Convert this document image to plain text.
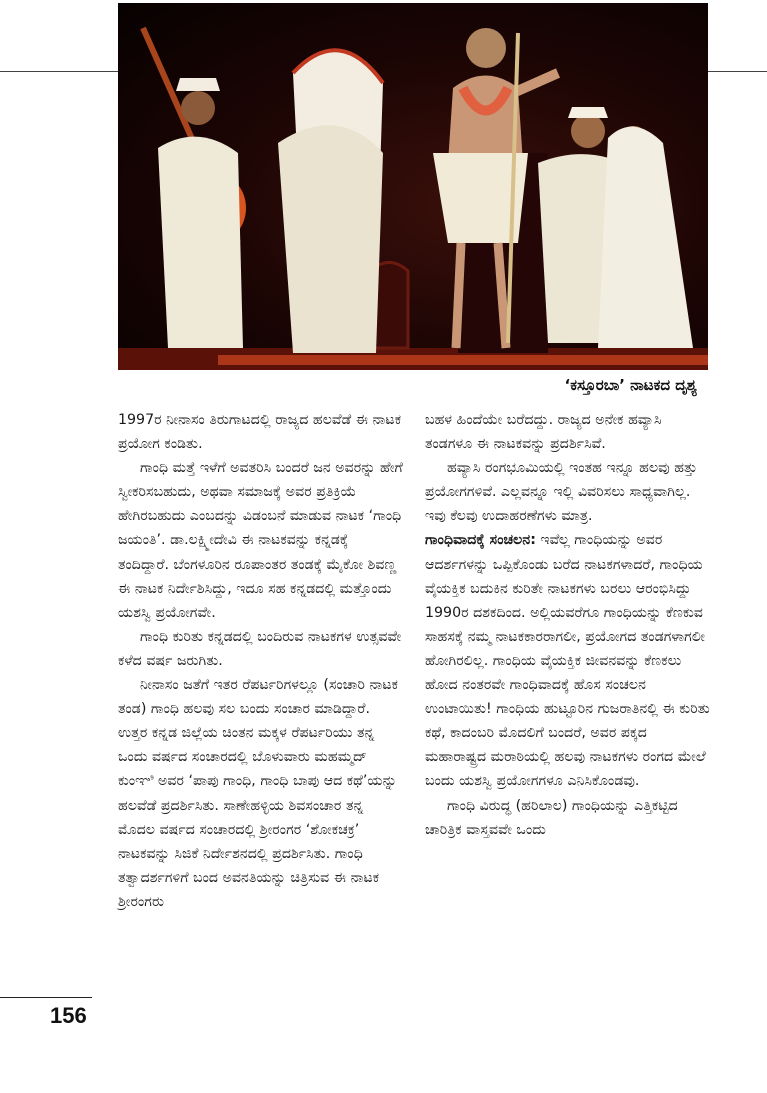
‘ಕಸ್ತೂರಬಾ’ ನಾಟಕದ ದೃಶ್ಯ

1997ರ ನೀನಾಸಂ ತಿರುಗಾಟದಲ್ಲಿ ರಾಜ್ಯದ ಹಲವೆಡೆ ಈ ನಾಟಕ ಪ್ರಯೋಗ ಕಂಡಿತು.

ಗಾಂಧಿ ಮತ್ತೆ ಇಳೆಗೆ ಅವತರಿಸಿ ಬಂದರೆ ಜನ ಅವರನ್ನು ಹೇಗೆ ಸ್ವೀಕರಿಸಬಹುದು, ಅಥವಾ ಸಮಾಜಕ್ಕೆ ಅವರ ಪ್ರತಿಕ್ರಿಯೆ ಹೇಗಿರಬಹುದು ಎಂಬದನ್ನು ವಿಡಂಬನೆ ಮಾಡುವ ನಾಟಕ ‘ಗಾಂಧಿ ಜಯಂತಿ’. ಡಾ.ಲಕ್ಷ್ಮೀದೇವಿ ಈ ನಾಟಕವನ್ನು ಕನ್ನಡಕ್ಕೆ ತಂದಿದ್ದಾರೆ. ಬೆಂಗಳೂರಿನ ರೂಪಾಂತರ ತಂಡಕ್ಕೆ ಮೈಕೋ ಶಿವಣ್ಣ ಈ ನಾಟಕ ನಿರ್ದೇಶಿಸಿದ್ದು, ಇದೂ ಸಹ ಕನ್ನಡದಲ್ಲಿ ಮತ್ತೊಂದು ಯಶಸ್ವಿ ಪ್ರಯೋಗವೇ.

ಗಾಂಧಿ ಕುರಿತು ಕನ್ನಡದಲ್ಲಿ ಬಂದಿರುವ ನಾಟಕಗಳ ಉತ್ಸವವೇ ಕಳೆದ ವರ್ಷ ಜರುಗಿತು.

ನೀನಾಸಂ ಜತೆಗೆ ಇತರ ರೆಪರ್ಟರಿಗಳಲ್ಲೂ (ಸಂಚಾರಿ ನಾಟಕ ತಂಡ) ಗಾಂಧಿ ಹಲವು ಸಲ ಬಂದು ಸಂಚಾರ ಮಾಡಿದ್ದಾರೆ. ಉತ್ತರ ಕನ್ನಡ ಜಿಲ್ಲೆಯ ಚಿಂತನ ಮಕ್ಕಳ ರೆಪರ್ಟರಿಯು ತನ್ನ ಒಂದು ವರ್ಷದ ಸಂಚಾರದಲ್ಲಿ ಬೊಳುವಾರು ಮಹಮ್ಮದ್ ಕುಂಞಿ ಅವರ ‘ಪಾಪು ಗಾಂಧಿ, ಗಾಂಧಿ ಬಾಪು ಆದ ಕಥೆ’ಯನ್ನು ಹಲವೆಡೆ ಪ್ರದರ್ಶಿಸಿತು. ಸಾಣೇಹಳ್ಳಿಯ ಶಿವಸಂಚಾರ ತನ್ನ ಮೊದಲ ವರ್ಷದ ಸಂಚಾರದಲ್ಲಿ ಶ್ರೀರಂಗರ ‘ಶೋಕಚಕ್ರ’ ನಾಟಕವನ್ನು ಸಿಜಿಕೆ ನಿರ್ದೇಶನದಲ್ಲಿ ಪ್ರದರ್ಶಿಸಿತು. ಗಾಂಧಿ ತತ್ವಾದರ್ಶಗಳಿಗೆ ಬಂದ ಅವನತಿಯನ್ನು ಚಿತ್ರಿಸುವ ಈ ನಾಟಕ ಶ್ರೀರಂಗರು

ಬಹಳ ಹಿಂದೆಯೇ ಬರೆದದ್ದು. ರಾಜ್ಯದ ಅನೇಕ ಹವ್ಯಾಸಿ ತಂಡಗಳೂ ಈ ನಾಟಕವನ್ನು ಪ್ರದರ್ಶಿಸಿವೆ.

ಹವ್ಯಾಸಿ ರಂಗಭೂಮಿಯಲ್ಲಿ ಇಂತಹ ಇನ್ನೂ ಹಲವು ಹತ್ತು ಪ್ರಯೋಗಗಳಿವೆ. ಎಲ್ಲವನ್ನೂ ಇಲ್ಲಿ ವಿವರಿಸಲು ಸಾಧ್ಯವಾಗಿಲ್ಲ. ಇವು ಕೆಲವು ಉದಾಹರಣೆಗಳು ಮಾತ್ರ.

ಗಾಂಧಿವಾದಕ್ಕೆ ಸಂಚಲನ: ಇವೆಲ್ಲ ಗಾಂಧಿಯನ್ನು ಅವರ ಆದರ್ಶಗಳನ್ನು ಒಪ್ಪಿಕೊಂಡು ಬರೆದ ನಾಟಕಗಳಾದರೆ, ಗಾಂಧಿಯ ವೈಯಕ್ತಿಕ ಬದುಕಿನ ಕುರಿತೇ ನಾಟಕಗಳು ಬರಲು ಆರಂಭಿಸಿದ್ದು 1990ರ ದಶಕದಿಂದ. ಅಲ್ಲಿಯವರೆಗೂ ಗಾಂಧಿಯನ್ನು ಕೆಣಕುವ ಸಾಹಸಕ್ಕೆ ನಮ್ಮ ನಾಟಕಕಾರರಾಗಲೀ, ಪ್ರಯೋಗದ ತಂಡಗಳಾಗಲೀ ಹೋಗಿರಲಿಲ್ಲ. ಗಾಂಧಿಯ ವೈಯಕ್ತಿಕ ಜೀವನವನ್ನು ಕೆಣಕಲು ಹೋದ ನಂತರವೇ ಗಾಂಧಿವಾದಕ್ಕೆ ಹೊಸ ಸಂಚಲನ ಉಂಟಾಯಿತು! ಗಾಂಧಿಯ ಹುಟ್ಟೂರಿನ ಗುಜರಾತಿನಲ್ಲಿ ಈ ಕುರಿತು ಕಥೆ, ಕಾದಂಬರಿ ಮೊದಲಿಗೆ ಬಂದರೆ, ಅವರ ಪಕ್ಕದ ಮಹಾರಾಷ್ಟ್ರದ ಮರಾಠಿಯಲ್ಲಿ ಹಲವು ನಾಟಕಗಳು ರಂಗದ ಮೇಲೆ ಬಂದು ಯಶಸ್ವಿ ಪ್ರಯೋಗಗಳೂ ಎನಿಸಿಕೊಂಡವು.

ಗಾಂಧಿ ವಿರುದ್ಧ (ಹರಿಲಾಲ) ಗಾಂಧಿಯನ್ನು ಎತ್ತಿಕಟ್ಟಿದ ಚಾರಿತ್ರಿಕ ವಾಸ್ತವವೇ ಒಂದು

156
